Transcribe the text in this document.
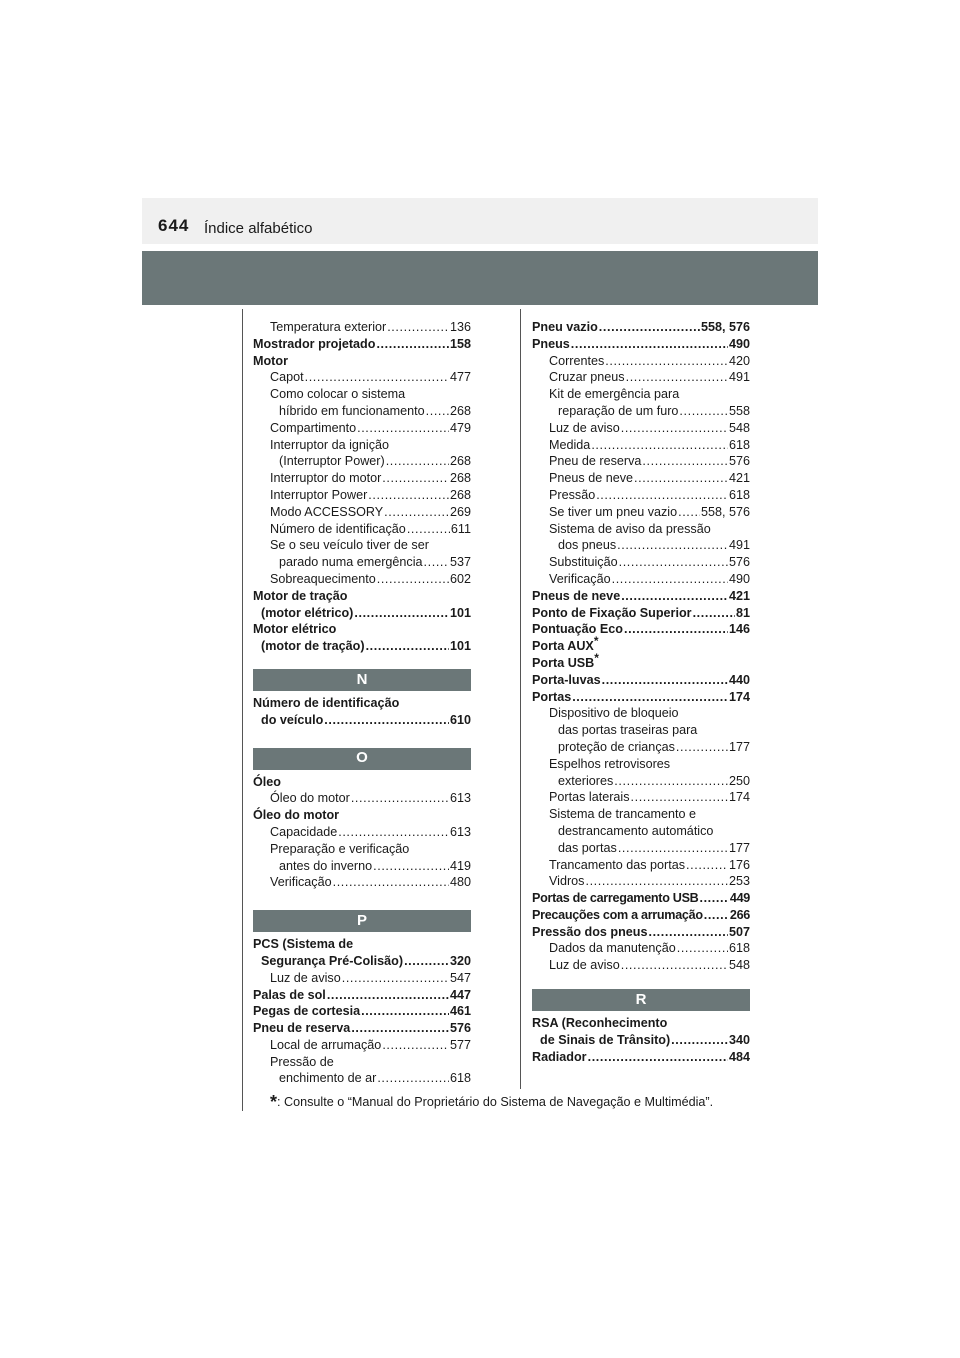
644 Índice alfabético
Temperatura exterior .....	136
Mostrador projetado .....	158
Motor
Capot .....	477
Como colocar o sistema
híbrido em funcionamento ..... 268
Compartimento .....	479
Interruptor da ignição
(Interruptor Power) .....	268
Interruptor do motor .....	268
Interruptor Power .....	268
Modo ACCESSORY .....	269
Número de identificação .....	611
Se o seu veículo tiver de ser
parado numa emergência ..... 537
Sobreaquecimento .....	602
Motor de tração
(motor elétrico) .....	101
Motor elétrico
(motor de tração) .....	101
N
Número de identificação
do veículo .....	610
O
Óleo
Óleo do motor .....	613
Óleo do motor
Capacidade .....	613
Preparação e verificação
antes do inverno .....	419
Verificação .....	480
P
PCS (Sistema de
Segurança Pré-Colisão) .....	320
Luz de aviso .....	547
Palas de sol .....	447
Pegas de cortesia .....	461
Pneu de reserva .....	576
Local de arrumação .....	577
Pressão de
enchimento de ar .....	618
Pneu vazio .....	558, 576
Pneus .....	490
Correntes .....	420
Cruzar pneus .....	491
Kit de emergência para
reparação de um furo .....	558
Luz de aviso .....	548
Medida .....	618
Pneu de reserva .....	576
Pneus de neve .....	421
Pressão .....	618
Se tiver um pneu vazio ..... 558, 576
Sistema de aviso da pressão
dos pneus .....	491
Substituição .....	576
Verificação .....	490
Pneus de neve .....	421
Ponto de Fixação Superior .....	81
Pontuação Eco .....	146
Porta AUX*
Porta USB*
Porta-luvas .....	440
Portas .....	174
Dispositivo de bloqueio
das portas traseiras para
proteção de crianças .....	177
Espelhos retrovisores
exteriores .....	250
Portas laterais .....	174
Sistema de trancamento e
destrancamento automático
das portas .....	177
Trancamento das portas .....	176
Vidros .....	253
Portas de carregamento USB ..... 449
Precauções com a arrumação ..... 266
Pressão dos pneus .....	507
Dados da manutenção .....	618
Luz de aviso .....	548
R
RSA (Reconhecimento
de Sinais de Trânsito) .....	340
Radiador .....	484
*: Consulte o “Manual do Proprietário do Sistema de Navegação e Multimédia”.
